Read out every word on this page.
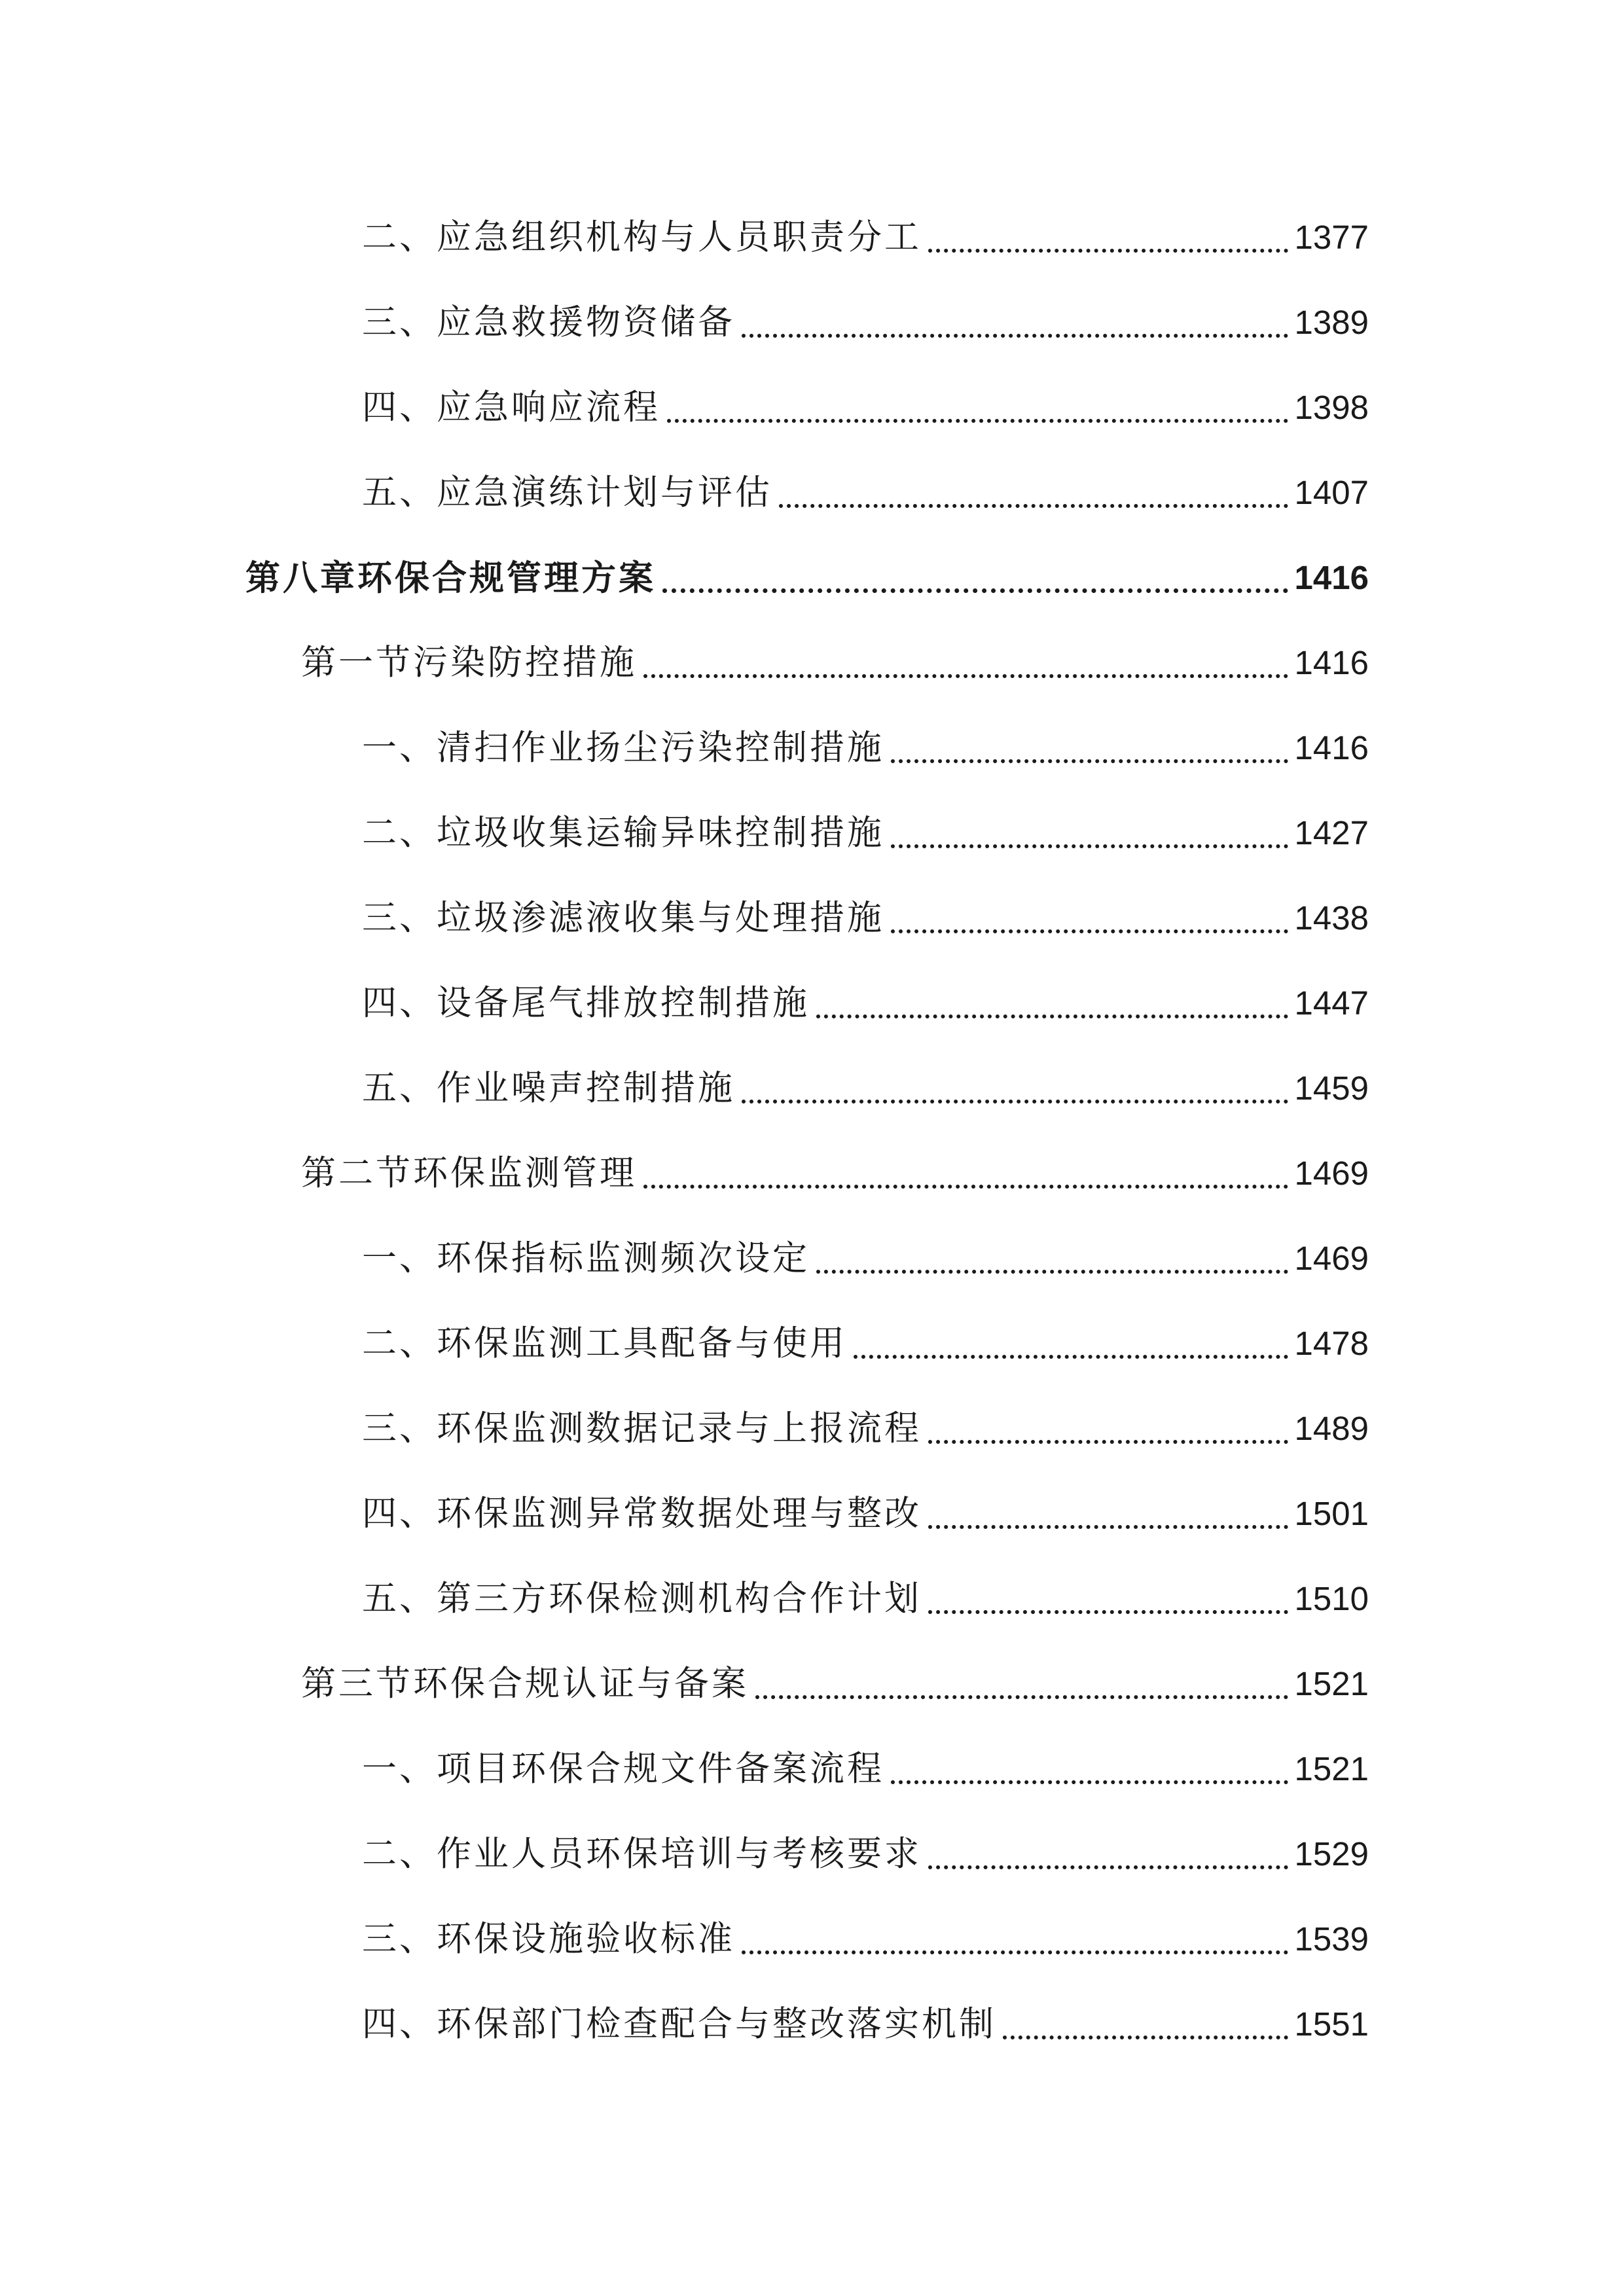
二、应急组织机构与人员职责分工	1377
三、应急救援物资储备	1389
四、应急响应流程	1398
五、应急演练计划与评估	1407
第八章环保合规管理方案	1416
第一节污染防控措施	1416
一、清扫作业扬尘污染控制措施	1416
二、垃圾收集运输异味控制措施	1427
三、垃圾渗滤液收集与处理措施	1438
四、设备尾气排放控制措施	1447
五、作业噪声控制措施	1459
第二节环保监测管理	1469
一、环保指标监测频次设定	1469
二、环保监测工具配备与使用	1478
三、环保监测数据记录与上报流程	1489
四、环保监测异常数据处理与整改	1501
五、第三方环保检测机构合作计划	1510
第三节环保合规认证与备案	1521
一、项目环保合规文件备案流程	1521
二、作业人员环保培训与考核要求	1529
三、环保设施验收标准	1539
四、环保部门检查配合与整改落实机制	1551
